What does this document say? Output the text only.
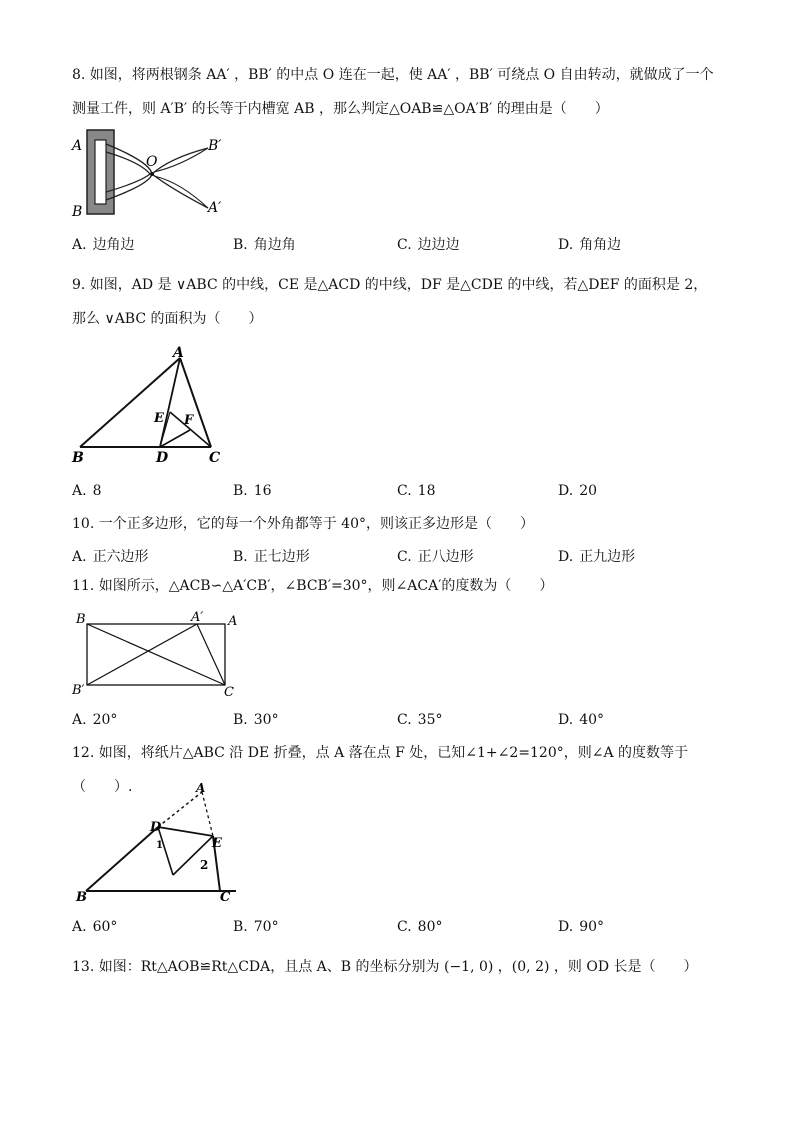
8. 如图，将两根钢条 AA′ ，BB′ 的中点 O 连在一起，使 AA′ ，BB′ 可绕点 O 自由转动，就做成了一个
测量工件，则 A′B′ 的长等于内槽宽 AB ，那么判定△OAB≌△OA′B′ 的理由是（　　）
A
B
O
B′
A′
A. 边角边	B. 角边角	C. 边边边	D. 角角边
9. 如图，AD 是 ∨ABC 的中线，CE 是△ACD 的中线，DF 是△CDE 的中线，若△DEF 的面积是 2，
那么 ∨ABC 的面积为（　　）
A
B	C
D
E F
A. 8	B. 16	C. 18	D. 20
10. 一个正多边形，它的每一个外角都等于 40°，则该正多边形是（　　）
A. 正六边形	B. 正七边形	C. 正八边形	D. 正九边形
11. 如图所示，△ACB∽△A′CB′，∠BCB′=30°，则∠ACA′的度数为（　　）
B	A′ A
B′	C
A. 20°	B. 30°	C. 35°	D. 40°
12. 如图，将纸片△ABC 沿 DE 折叠，点 A 落在点 F 处，已知∠1+∠2=120°，则∠A 的度数等于（　　）.	A
B	C
D
E
1
2
A. 60°	B. 70°	C. 80°	D. 90°
13. 如图：Rt△AOB≌Rt△CDA，且点 A、B 的坐标分别为 (−1, 0) ，(0, 2) ，则 OD 长是（　　）
